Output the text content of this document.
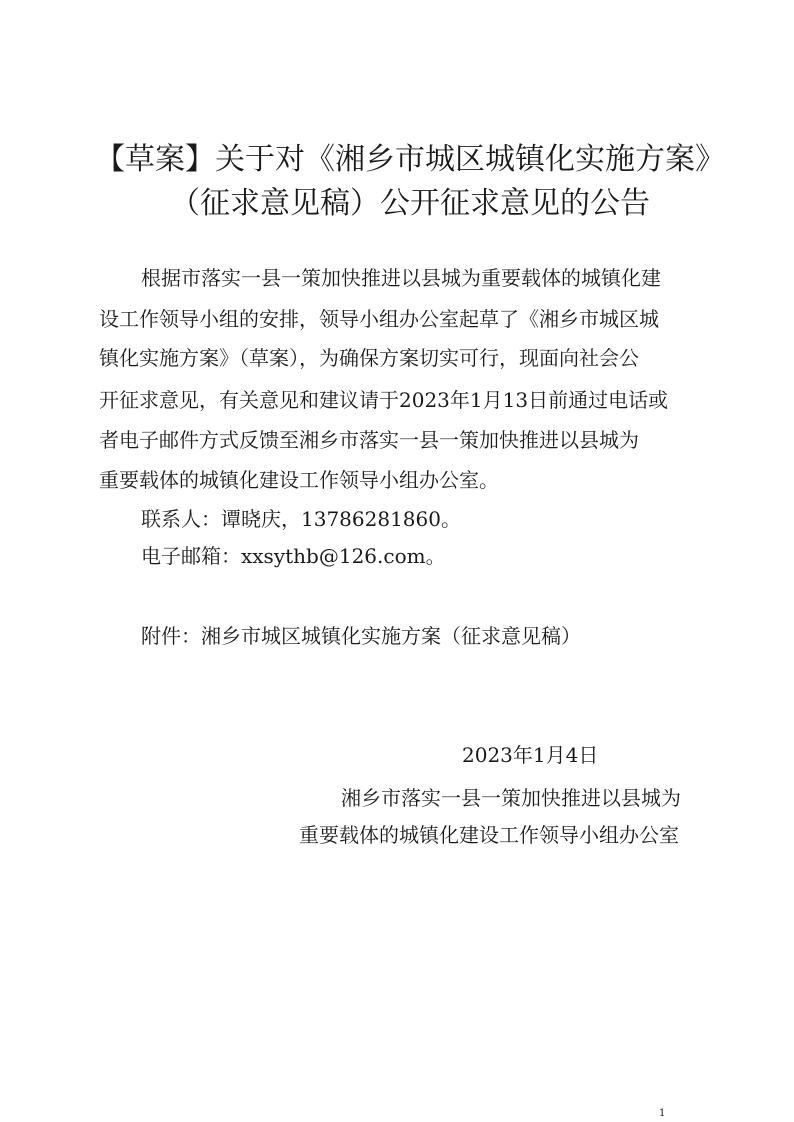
【草案】关于对《湘乡市城区城镇化实施方案》
（征求意见稿）公开征求意见的公告
根据市落实一县一策加快推进以县城为重要载体的城镇化建
设工作领导小组的安排，领导小组办公室起草了《湘乡市城区城
镇化实施方案》（草案），为确保方案切实可行，现面向社会公
开征求意见，有关意见和建议请于2023年1月13日前通过电话或
者电子邮件方式反馈至湘乡市落实一县一策加快推进以县城为
重要载体的城镇化建设工作领导小组办公室。
联系人：谭晓庆，13786281860。
电子邮箱：xxsythb@126.com。
附件：湘乡市城区城镇化实施方案（征求意见稿）
2023年1月4日
湘乡市落实一县一策加快推进以县城为
重要载体的城镇化建设工作领导小组办公室
1
